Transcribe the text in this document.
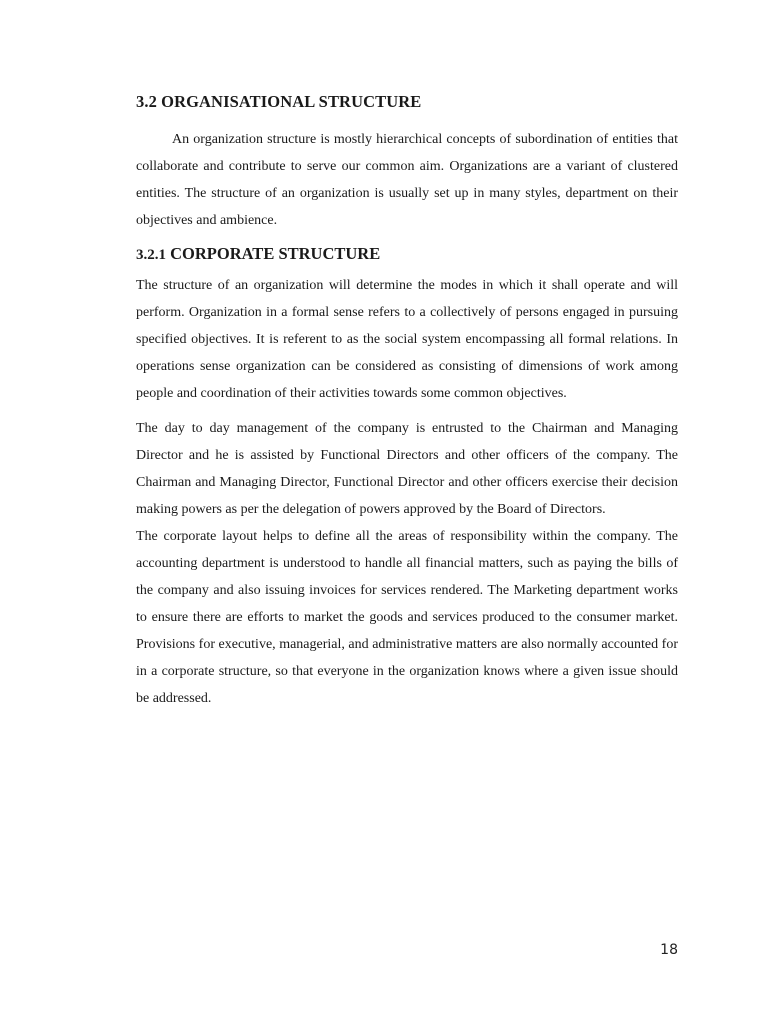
3.2 ORGANISATIONAL STRUCTURE

An organization structure is mostly hierarchical concepts of subordination of entities that collaborate and contribute to serve our common aim. Organizations are a variant of clustered entities. The structure of an organization is usually set up in many styles, department on their objectives and ambience.

3.2.1 CORPORATE STRUCTURE

The structure of an organization will determine the modes in which it shall operate and will perform. Organization in a formal sense refers to a collectively of persons engaged in pursuing specified objectives. It is referent to as the social system encompassing all formal relations. In operations sense organization can be considered as consisting of dimensions of work among people and coordination of their activities towards some common objectives.

The day to day management of the company is entrusted to the Chairman and Managing Director and he is assisted by Functional Directors and other officers of the company. The Chairman and Managing Director, Functional Director and other officers exercise their decision making powers as per the delegation of powers approved by the Board of Directors.

The corporate layout helps to define all the areas of responsibility within the company. The accounting department is understood to handle all financial matters, such as paying the bills of the company and also issuing invoices for services rendered. The Marketing department works to ensure there are efforts to market the goods and services produced to the consumer market. Provisions for executive, managerial, and administrative matters are also normally accounted for in a corporate structure, so that everyone in the organization knows where a given issue should be addressed.

18
